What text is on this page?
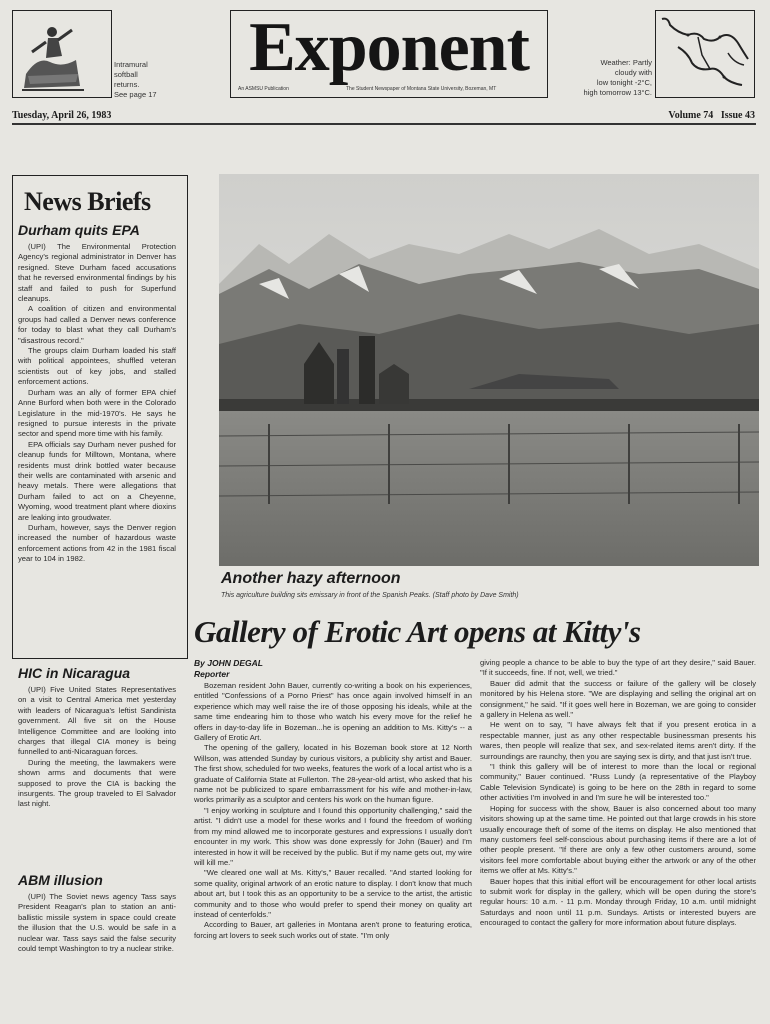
Intramural
softball
returns.
See page 17
Exponent
An ASMSU Publication	The Student Newspaper of Montana State University, Bozeman, MT
Weather: Partly
cloudy with
low tonight -2°C,
high tomorrow 13°C.
Tuesday, April 26, 1983	Volume 74 Issue 43
News Briefs
Durham quits EPA

(UPI) The Environmental Protection Agency's regional administrator in Denver has resigned. Steve Durham faced accusations that he reversed environmental findings by his staff and failed to push for Superfund cleanups.

A coalition of citizen and environmental groups had called a Denver news conference for today to blast what they call Durham's "disastrous record."

The groups claim Durham loaded his staff with political appointees, shuffled veteran scientists out of key jobs, and stalled enforcement actions.

Durham was an ally of former EPA chief Anne Burford when both were in the Colorado Legislature in the mid-1970's. He says he resigned to pursue interests in the private sector and spend more time with his family.

EPA officials say Durham never pushed for cleanup funds for Milltown, Montana, where residents must drink bottled water because their wells are contaminated with arsenic and heavy metals. There were allegations that Durham failed to act on a Cheyenne, Wyoming, wood treatment plant where dioxins are leaking into groudwater.

Durham, however, says the Denver region increased the number of hazardous waste enforcement actions from 42 in the 1981 fiscal year to 104 in 1982.

HIC in Nicaragua

(UPI) Five United States Representatives on a visit to Central America met yesterday with leaders of Nicaragua's leftist Sandinista government. All five sit on the House Intelligence Committee and are looking into charges that illegal CIA money is being funnelled to anti-Nicaraguan forces.

During the meeting, the lawmakers were shown arms and documents that were supposed to prove the CIA is backing the insurgents. The group traveled to El Salvador last night.

ABM illusion

(UPI) The Soviet news agency Tass says President Reagan's plan to station an anti-ballistic missile system in space could create the illusion that the U.S. would be safe in a nuclear war. Tass says said the false security could tempt Washington to try a nuclear strike.

Another hazy afternoon
This agriculture building sits emissary in front of the Spanish Peaks. (Staff photo by Dave Smith)
Gallery of Erotic Art opens at Kitty's
By JOHN DEGAL
Reporter

Bozeman resident John Bauer, currently co-writing a book on his experiences, entitled "Confessions of a Porno Priest" has once again involved himself in an experience which may well raise the ire of those opposing his ideals, while at the same time endearing him to those who watch his every move for the relief he offers in day-to-day life in Bozeman...he is opening an addition to Ms. Kitty's -- a Gallery of Erotic Art.

The opening of the gallery, located in his Bozeman book store at 12 North Willson, was attended Sunday by curious visitors, a publicity shy artist and Bauer. The first show, scheduled for two weeks, features the work of a local artist who is a graduate of California State at Fullerton. The 28-year-old artist, who asked that his name not be publicized to spare embarrassment for his wife and mother-in-law, works primarily as a sculptor and centers his work on the human figure.

"I enjoy working in sculpture and I found this opportunity challenging," said the artist. "I didn't use a model for these works and I found the freedom of working from my mind allowed me to incorporate gestures and expressions I usually don't encounter in my work. This show was done expressly for John (Bauer) and I'm interested in how it will be received by the public. But if my name gets out, my wire will kill me."

"We cleared one wall at Ms. Kitty's," Bauer recalled. "And started looking for some quality, original artwork of an erotic nature to display. I don't know that much about art, but I took this as an opportunity to be a service to the artist, the artistic community and to those who would prefer to spend their money on quality art instead of centerfolds."

According to Bauer, art galleries in Montana aren't prone to featuring erotica, forcing art lovers to seek such works out of state. "I'm only

giving people a chance to be able to buy the type of art they desire," said Bauer. "If it succeeds, fine. If not, well, we tried."

Bauer did admit that the success or failure of the gallery will be closely monitored by his Helena store. "We are displaying and selling the original art on consignment," he said. "If it goes well here in Bozeman, we are going to consider a gallery in Helena as well."

He went on to say, "I have always felt that if you present erotica in a respectable manner, just as any other respectable businessman presents his wares, then people will realize that sex, and sex-related items aren't dirty. If the surroundings are raunchy, then you are saying sex is dirty, and that just isn't true.

"I think this gallery will be of interest to more than the local or regional community," Bauer continued. "Russ Lundy (a representative of the Playboy Cable Television Syndicate) is going to be here on the 28th in regard to some other activities I'm involved in and I'm sure he will be interested too."

Hoping for success with the show, Bauer is also concerned about too many visitors showing up at the same time. He pointed out that large crowds in his store usually encourage theft of some of the items on display. He also mentioned that many customers feel self-conscious about purchasing items if there are a lot of other people present. "If there are only a few other customers around, some visitors feel more comfortable about buying either the artwork or any of the other items we offer at Ms. Kitty's."

Bauer hopes that this initial effort will be encouragement for other local artists to submit work for display in the gallery, which will be open during the store's regular hours: 10 a.m. - 11 p.m. Monday through Friday, 10 a.m. until midnight Saturdays and noon until 11 p.m. Sundays. Artists or interested buyers are encouraged to contact the gallery for more information about future displays.
